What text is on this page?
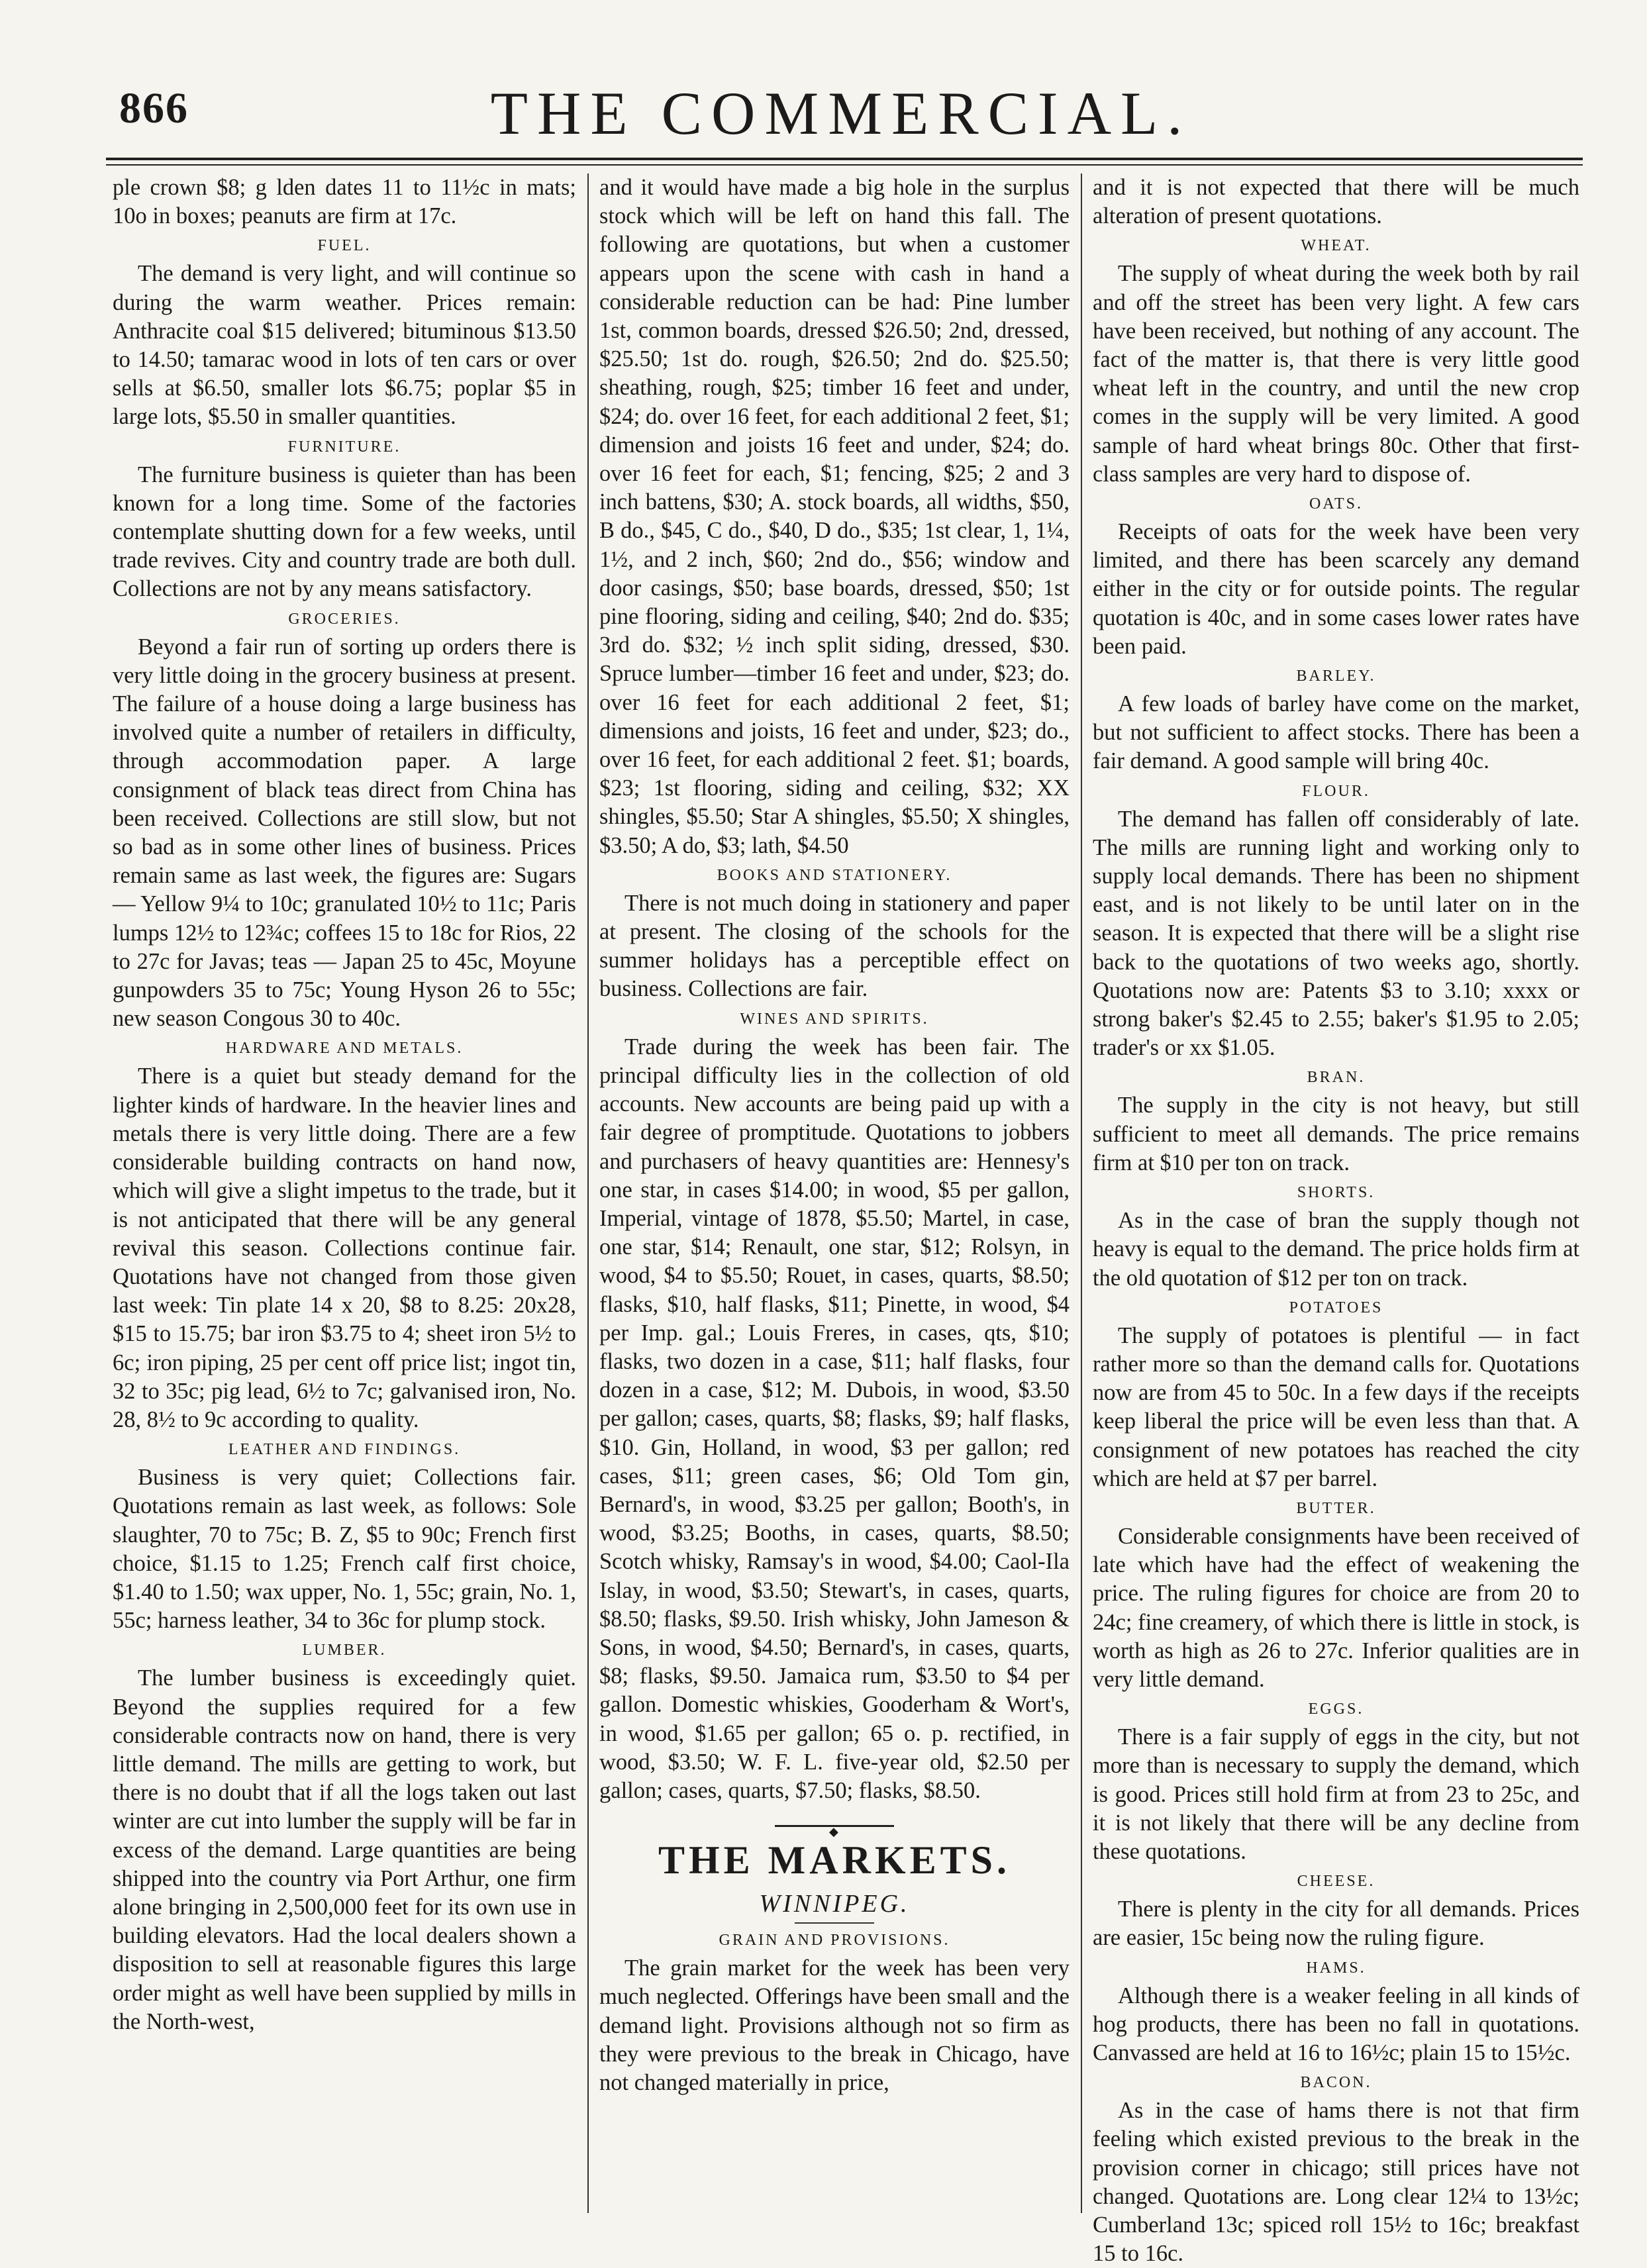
866	THE COMMERCIAL.

ple crown $8; g lden dates 11 to 11½c in mats; 10o in boxes; peanuts are firm at 17c.

FUEL.

The demand is very light, and will continue so during the warm weather. Prices remain: Anthracite coal $15 delivered; bituminous $13.50 to 14.50; tamarac wood in lots of ten cars or over sells at $6.50, smaller lots $6.75; poplar $5 in large lots, $5.50 in smaller quantities.

FURNITURE.

The furniture business is quieter than has been known for a long time. Some of the factories contemplate shutting down for a few weeks, until trade revives. City and country trade are both dull. Collections are not by any means satisfactory.

GROCERIES.

Beyond a fair run of sorting up orders there is very little doing in the grocery business at present. The failure of a house doing a large business has involved quite a number of retailers in difficulty, through accommodation paper. A large consignment of black teas direct from China has been received. Collections are still slow, but not so bad as in some other lines of business. Prices remain same as last week, the figures are: Sugars — Yellow 9¼ to 10c; granulated 10½ to 11c; Paris lumps 12½ to 12¾c; coffees 15 to 18c for Rios, 22 to 27c for Javas; teas — Japan 25 to 45c, Moyune gunpowders 35 to 75c; Young Hyson 26 to 55c; new season Congous 30 to 40c.

HARDWARE AND METALS.

There is a quiet but steady demand for the lighter kinds of hardware. In the heavier lines and metals there is very little doing. There are a few considerable building contracts on hand now, which will give a slight impetus to the trade, but it is not anticipated that there will be any general revival this season. Collections continue fair. Quotations have not changed from those given last week: Tin plate 14 x 20, $8 to 8.25: 20x28, $15 to 15.75; bar iron $3.75 to 4; sheet iron 5½ to 6c; iron piping, 25 per cent off price list; ingot tin, 32 to 35c; pig lead, 6½ to 7c; galvanised iron, No. 28, 8½ to 9c according to quality.

LEATHER AND FINDINGS.

Business is very quiet; Collections fair. Quotations remain as last week, as follows: Sole slaughter, 70 to 75c; B. Z, $5 to 90c; French first choice, $1.15 to 1.25; French calf first choice, $1.40 to 1.50; wax upper, No. 1, 55c; grain, No. 1, 55c; harness leather, 34 to 36c for plump stock.

LUMBER.

The lumber business is exceedingly quiet. Beyond the supplies required for a few considerable contracts now on hand, there is very little demand. The mills are getting to work, but there is no doubt that if all the logs taken out last winter are cut into lumber the supply will be far in excess of the demand. Large quantities are being shipped into the country via Port Arthur, one firm alone bringing in 2,500,000 feet for its own use in building elevators. Had the local dealers shown a disposition to sell at reasonable figures this large order might as well have been supplied by mills in the North-west,

and it would have made a big hole in the surplus stock which will be left on hand this fall. The following are quotations, but when a customer appears upon the scene with cash in hand a considerable reduction can be had: Pine lumber 1st, common boards, dressed $26.50; 2nd, dressed, $25.50; 1st do. rough, $26.50; 2nd do. $25.50; sheathing, rough, $25; timber 16 feet and under, $24; do. over 16 feet, for each additional 2 feet, $1; dimension and joists 16 feet and under, $24; do. over 16 feet for each, $1; fencing, $25; 2 and 3 inch battens, $30; A. stock boards, all widths, $50, B do., $45, C do., $40, D do., $35; 1st clear, 1, 1¼, 1½, and 2 inch, $60; 2nd do., $56; window and door casings, $50; base boards, dressed, $50; 1st pine flooring, siding and ceiling, $40; 2nd do. $35; 3rd do. $32; ½ inch split siding, dressed, $30. Spruce lumber—timber 16 feet and under, $23; do. over 16 feet for each additional 2 feet, $1; dimensions and joists, 16 feet and under, $23; do., over 16 feet, for each additional 2 feet. $1; boards, $23; 1st flooring, siding and ceiling, $32; XX shingles, $5.50; Star A shingles, $5.50; X shingles, $3.50; A do, $3; lath, $4.50

BOOKS AND STATIONERY.

There is not much doing in stationery and paper at present. The closing of the schools for the summer holidays has a perceptible effect on business. Collections are fair.

WINES AND SPIRITS.

Trade during the week has been fair. The principal difficulty lies in the collection of old accounts. New accounts are being paid up with a fair degree of promptitude. Quotations to jobbers and purchasers of heavy quantities are: Hennesy's one star, in cases $14.00; in wood, $5 per gallon, Imperial, vintage of 1878, $5.50; Martel, in case, one star, $14; Renault, one star, $12; Rolsyn, in wood, $4 to $5.50; Rouet, in cases, quarts, $8.50; flasks, $10, half flasks, $11; Pinette, in wood, $4 per Imp. gal.; Louis Freres, in cases, qts, $10; flasks, two dozen in a case, $11; half flasks, four dozen in a case, $12; M. Dubois, in wood, $3.50 per gallon; cases, quarts, $8; flasks, $9; half flasks, $10. Gin, Holland, in wood, $3 per gallon; red cases, $11; green cases, $6; Old Tom gin, Bernard's, in wood, $3.25 per gallon; Booth's, in wood, $3.25; Booths, in cases, quarts, $8.50; Scotch whisky, Ramsay's in wood, $4.00; Caol-Ila Islay, in wood, $3.50; Stewart's, in cases, quarts, $8.50; flasks, $9.50. Irish whisky, John Jameson & Sons, in wood, $4.50; Bernard's, in cases, quarts, $8; flasks, $9.50. Jamaica rum, $3.50 to $4 per gallon. Domestic whiskies, Gooderham & Wort's, in wood, $1.65 per gallon; 65 o. p. rectified, in wood, $3.50; W. F. L. five-year old, $2.50 per gallon; cases, quarts, $7.50; flasks, $8.50.

◆
THE MARKETS.
WINNIPEG.
GRAIN AND PROVISIONS.

The grain market for the week has been very much neglected. Offerings have been small and the demand light. Provisions although not so firm as they were previous to the break in Chicago, have not changed materially in price,

and it is not expected that there will be much alteration of present quotations.

WHEAT.

The supply of wheat during the week both by rail and off the street has been very light. A few cars have been received, but nothing of any account. The fact of the matter is, that there is very little good wheat left in the country, and until the new crop comes in the supply will be very limited. A good sample of hard wheat brings 80c. Other that first-class samples are very hard to dispose of.

OATS.

Receipts of oats for the week have been very limited, and there has been scarcely any demand either in the city or for outside points. The regular quotation is 40c, and in some cases lower rates have been paid.

BARLEY.

A few loads of barley have come on the market, but not sufficient to affect stocks. There has been a fair demand. A good sample will bring 40c.

FLOUR.

The demand has fallen off considerably of late. The mills are running light and working only to supply local demands. There has been no shipment east, and is not likely to be until later on in the season. It is expected that there will be a slight rise back to the quotations of two weeks ago, shortly. Quotations now are: Patents $3 to 3.10; xxxx or strong baker's $2.45 to 2.55; baker's $1.95 to 2.05; trader's or xx $1.05.

BRAN.

The supply in the city is not heavy, but still sufficient to meet all demands. The price remains firm at $10 per ton on track.

SHORTS.

As in the case of bran the supply though not heavy is equal to the demand. The price holds firm at the old quotation of $12 per ton on track.

POTATOES

The supply of potatoes is plentiful — in fact rather more so than the demand calls for. Quotations now are from 45 to 50c. In a few days if the receipts keep liberal the price will be even less than that. A consignment of new potatoes has reached the city which are held at $7 per barrel.

BUTTER.

Considerable consignments have been received of late which have had the effect of weakening the price. The ruling figures for choice are from 20 to 24c; fine creamery, of which there is little in stock, is worth as high as 26 to 27c. Inferior qualities are in very little demand.

EGGS.

There is a fair supply of eggs in the city, but not more than is necessary to supply the demand, which is good. Prices still hold firm at from 23 to 25c, and it is not likely that there will be any decline from these quotations.

CHEESE.

There is plenty in the city for all demands. Prices are easier, 15c being now the ruling figure.

HAMS.

Although there is a weaker feeling in all kinds of hog products, there has been no fall in quotations. Canvassed are held at 16 to 16½c; plain 15 to 15½c.

BACON.

As in the case of hams there is not that firm feeling which existed previous to the break in the provision corner in chicago; still prices have not changed. Quotations are. Long clear 12¼ to 13½c; Cumberland 13c; spiced roll 15½ to 16c; breakfast 15 to 16c.
